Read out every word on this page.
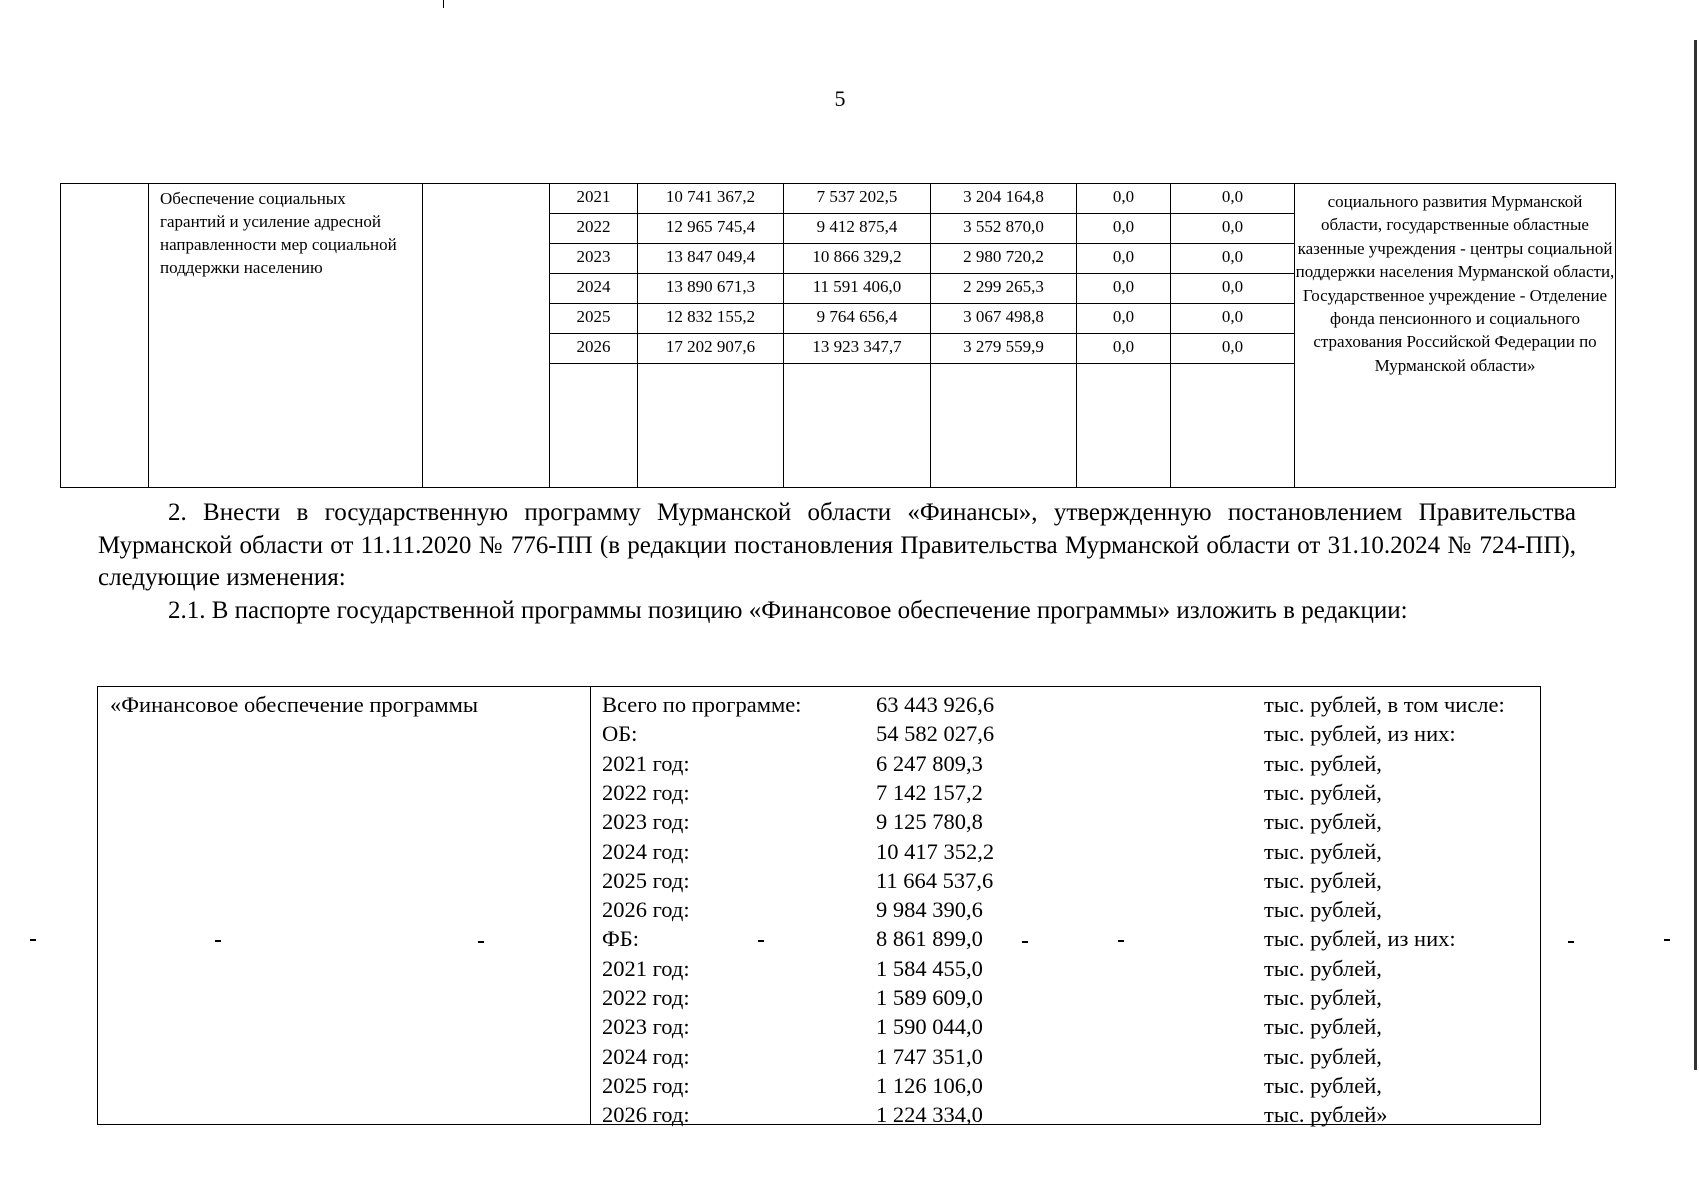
5
	Обеспечение социальных гарантий и усиление адресной направленности мер социальной поддержки населению		2021	10 741 367,2	7 537 202,5	3 204 164,8	0,0	0,0	социального развития Мурманской области, государственные областные казенные учреждения - центры социальной поддержки населения Мурманской области, Государственное учреждение - Отделение фонда пенсионного и социального страхования Российской Федерации по Мурманской области»
			2022	12 965 745,4	9 412 875,4	3 552 870,0	0,0	0,0	
			2023	13 847 049,4	10 866 329,2	2 980 720,2	0,0	0,0	
			2024	13 890 671,3	11 591 406,0	2 299 265,3	0,0	0,0	
			2025	12 832 155,2	9 764 656,4	3 067 498,8	0,0	0,0	
			2026	17 202 907,6	13 923 347,7	3 279 559,9	0,0	0,0	

2. Внести в государственную программу Мурманской области «Финансы», утвержденную постановлением Правительства Мурманской области от 11.11.2020 № 776-ПП (в редакции постановления Правительства Мурманской области от 31.10.2024 № 724-ПП), следующие изменения:

2.1. В паспорте государственной программы позицию «Финансовое обеспечение программы» изложить в редакции:

«Финансовое обеспечение программы	Всего по программе:	63 443 926,6	тыс. рублей, в том числе:
ОБ:	54 582 027,6	тыс. рублей, из них:
2021 год:	6 247 809,3	тыс. рублей,
2022 год:	7 142 157,2	тыс. рублей,
2023 год:	9 125 780,8	тыс. рублей,
2024 год:	10 417 352,2	тыс. рублей,
2025 год:	11 664 537,6	тыс. рублей,
2026 год:	9 984 390,6	тыс. рублей,
ФБ:	8 861 899,0	тыс. рублей, из них:
2021 год:	1 584 455,0	тыс. рублей,
2022 год:	1 589 609,0	тыс. рублей,
2023 год:	1 590 044,0	тыс. рублей,
2024 год:	1 747 351,0	тыс. рублей,
2025 год:	1 126 106,0	тыс. рублей,
2026 год:	1 224 334,0	тыс. рублей»
